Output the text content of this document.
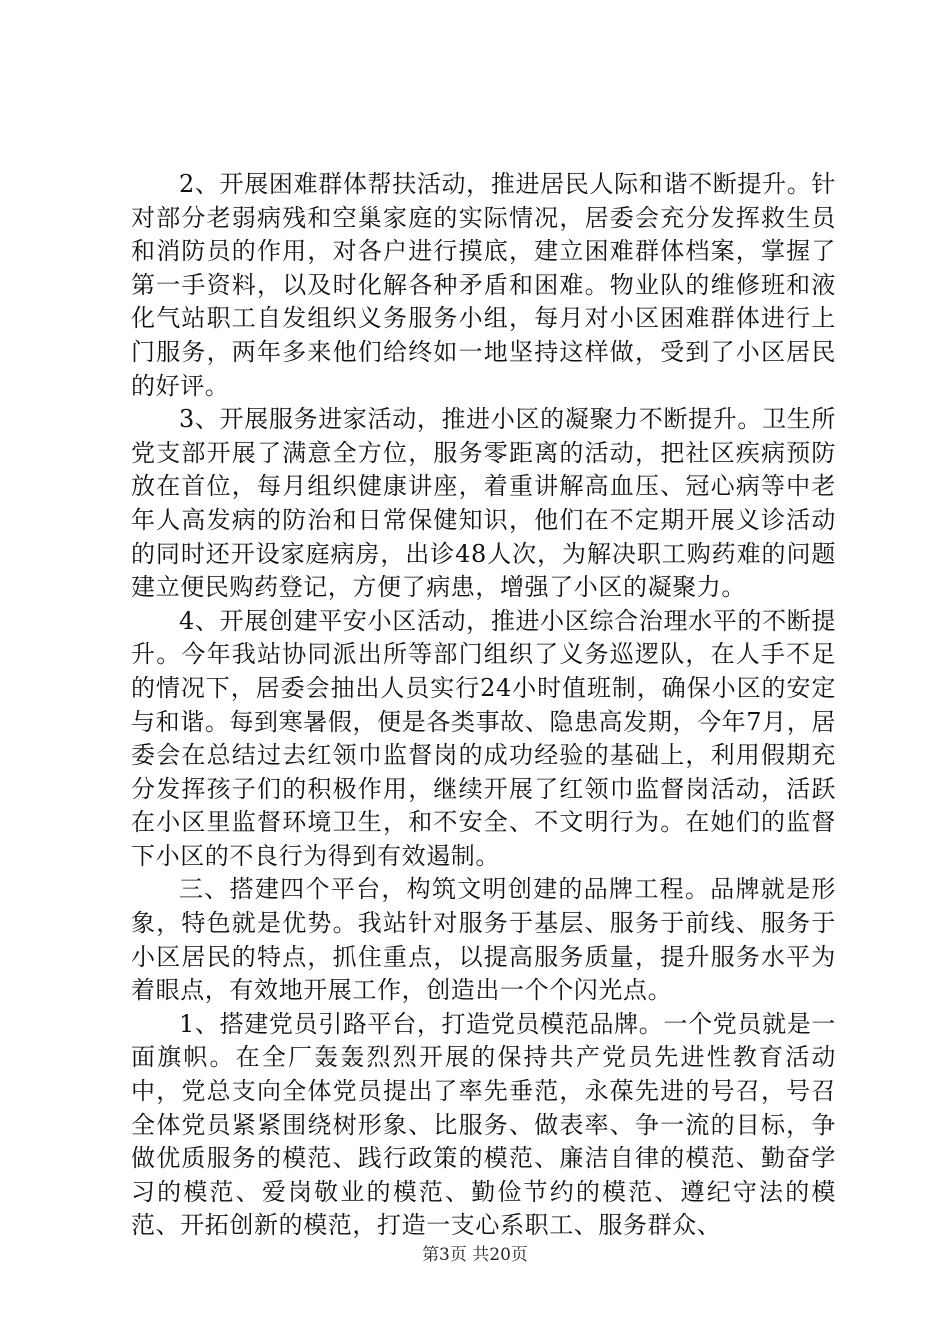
2、开展困难群体帮扶活动，推进居民人际和谐不断提升。针对部分老弱病残和空巢家庭的实际情况，居委会充分发挥救生员和消防员的作用，对各户进行摸底，建立困难群体档案，掌握了第一手资料，以及时化解各种矛盾和困难。物业队的维修班和液化气站职工自发组织义务服务小组，每月对小区困难群体进行上门服务，两年多来他们给终如一地坚持这样做，受到了小区居民的好评。

3、开展服务进家活动，推进小区的凝聚力不断提升。卫生所党支部开展了满意全方位，服务零距离的活动，把社区疾病预防放在首位，每月组织健康讲座，着重讲解高血压、冠心病等中老年人高发病的防治和日常保健知识，他们在不定期开展义诊活动的同时还开设家庭病房，出诊48人次，为解决职工购药难的问题建立便民购药登记，方便了病患，增强了小区的凝聚力。

4、开展创建平安小区活动，推进小区综合治理水平的不断提升。今年我站协同派出所等部门组织了义务巡逻队，在人手不足的情况下，居委会抽出人员实行24小时值班制，确保小区的安定与和谐。每到寒暑假，便是各类事故、隐患高发期，今年7月，居委会在总结过去红领巾监督岗的成功经验的基础上，利用假期充分发挥孩子们的积极作用，继续开展了红领巾监督岗活动，活跃在小区里监督环境卫生，和不安全、不文明行为。在她们的监督下小区的不良行为得到有效遏制。

三、搭建四个平台，构筑文明创建的品牌工程。品牌就是形象，特色就是优势。我站针对服务于基层、服务于前线、服务于小区居民的特点，抓住重点，以提高服务质量，提升服务水平为着眼点，有效地开展工作，创造出一个个闪光点。

1、搭建党员引路平台，打造党员模范品牌。一个党员就是一面旗帜。在全厂轰轰烈烈开展的保持共产党员先进性教育活动中，党总支向全体党员提出了率先垂范，永葆先进的号召，号召全体党员紧紧围绕树形象、比服务、做表率、争一流的目标，争做优质服务的模范、践行政策的模范、廉洁自律的模范、勤奋学习的模范、爱岗敬业的模范、勤俭节约的模范、遵纪守法的模范、开拓创新的模范，打造一支心系职工、服务群众、

第3页 共20页
